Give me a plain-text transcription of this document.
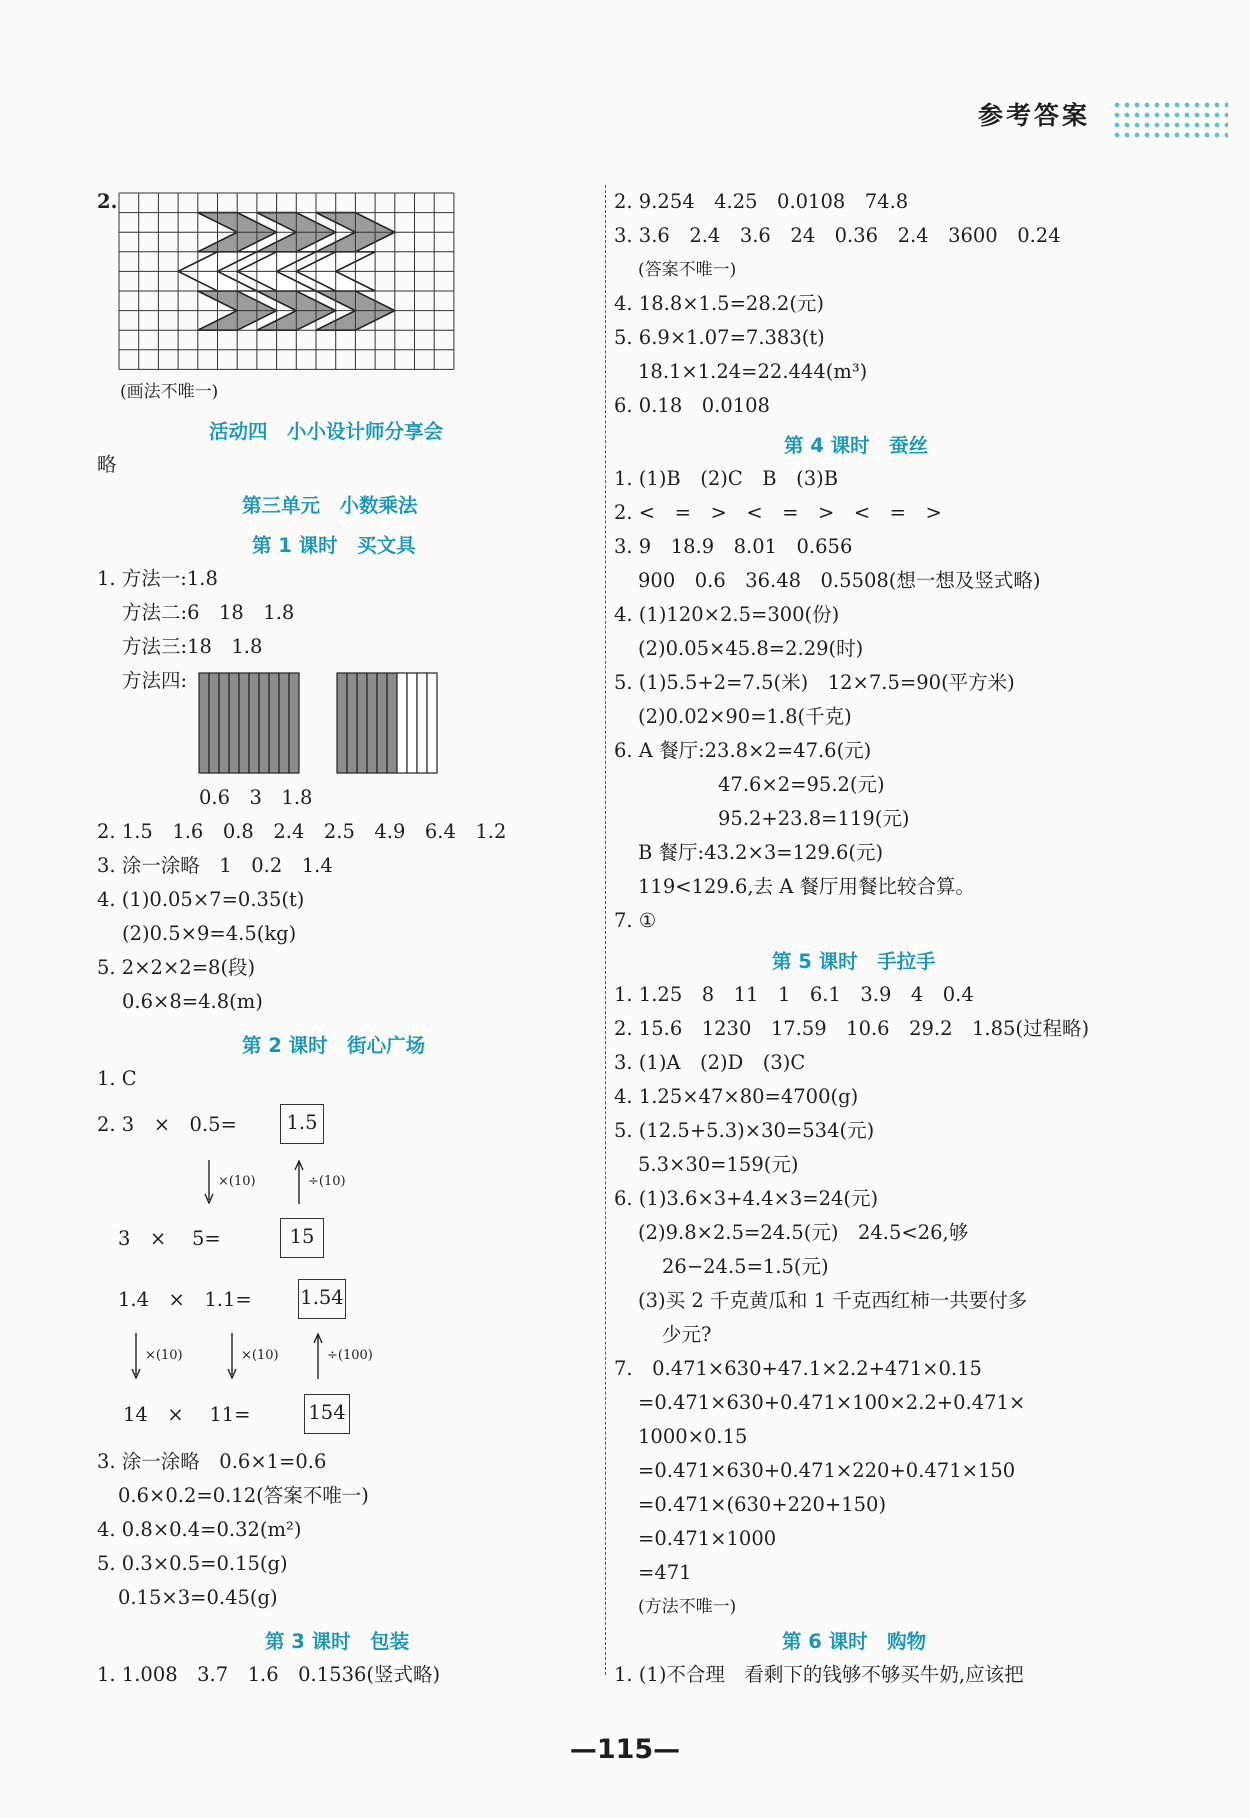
参考答案
2.
(画法不唯一)
活动四　小小设计师分享会
略
第三单元　小数乘法
第 1 课时　买文具
1. 方法一:1.8
方法二:6　18　1.8
方法三:18　1.8
方法四:
0.6　3　1.8
2. 1.5　1.6　0.8　2.4　2.5　4.9　6.4　1.2
3. 涂一涂略　1　0.2　1.4
4. (1)0.05×7=0.35(t)
(2)0.5×9=4.5(kg)
5. 2×2×2=8(段)
0.6×8=4.8(m)
第 2 课时　街心广场
1. C
2. 3　×　0.5=	1.5
×(10)	÷(10)
3　×　 5=	15
1.4　×　1.1= 1.54
×(10)	×(10)	÷(100)
14　×　 11=	154
3. 涂一涂略　0.6×1=0.6
0.6×0.2=0.12(答案不唯一)
4. 0.8×0.4=0.32(m²)
5. 0.3×0.5=0.15(g)
0.15×3=0.45(g)
第 3 课时　包装
1. 1.008　3.7　1.6　0.1536(竖式略)
2. 9.254　4.25　0.0108　74.8
3. 3.6　2.4　3.6　24　0.36　2.4　3600　0.24
(答案不唯一)
4. 18.8×1.5=28.2(元)
5. 6.9×1.07=7.383(t)
18.1×1.24=22.444(m³)
6. 0.18　0.0108
第 4 课时　蚕丝
1. (1)B　(2)C　B　(3)B
2. <　=　>　<　=　>　<　=　>
3. 9　18.9　8.01　0.656
900　0.6　36.48　0.5508(想一想及竖式略)
4. (1)120×2.5=300(份)
(2)0.05×45.8=2.29(时)
5. (1)5.5+2=7.5(米)　12×7.5=90(平方米)
(2)0.02×90=1.8(千克)
6. A 餐厅:23.8×2=47.6(元)
47.6×2=95.2(元)
95.2+23.8=119(元)
B 餐厅:43.2×3=129.6(元)
119<129.6,去 A 餐厅用餐比较合算。
7. ①
第 5 课时　手拉手
1. 1.25　8　11　1　6.1　3.9　4　0.4
2. 15.6　1230　17.59　10.6　29.2　1.85(过程略)
3. (1)A　(2)D　(3)C
4. 1.25×47×80=4700(g)
5. (12.5+5.3)×30=534(元)
5.3×30=159(元)
6. (1)3.6×3+4.4×3=24(元)
(2)9.8×2.5=24.5(元)　24.5<26,够
26−24.5=1.5(元)
(3)买 2 千克黄瓜和 1 千克西红柿一共要付多
少元?
7.　0.471×630+47.1×2.2+471×0.15
=0.471×630+0.471×100×2.2+0.471×
1000×0.15
=0.471×630+0.471×220+0.471×150
=0.471×(630+220+150)
=0.471×1000
=471
(方法不唯一)
第 6 课时　购物
1. (1)不合理　看剩下的钱够不够买牛奶,应该把
—115—
